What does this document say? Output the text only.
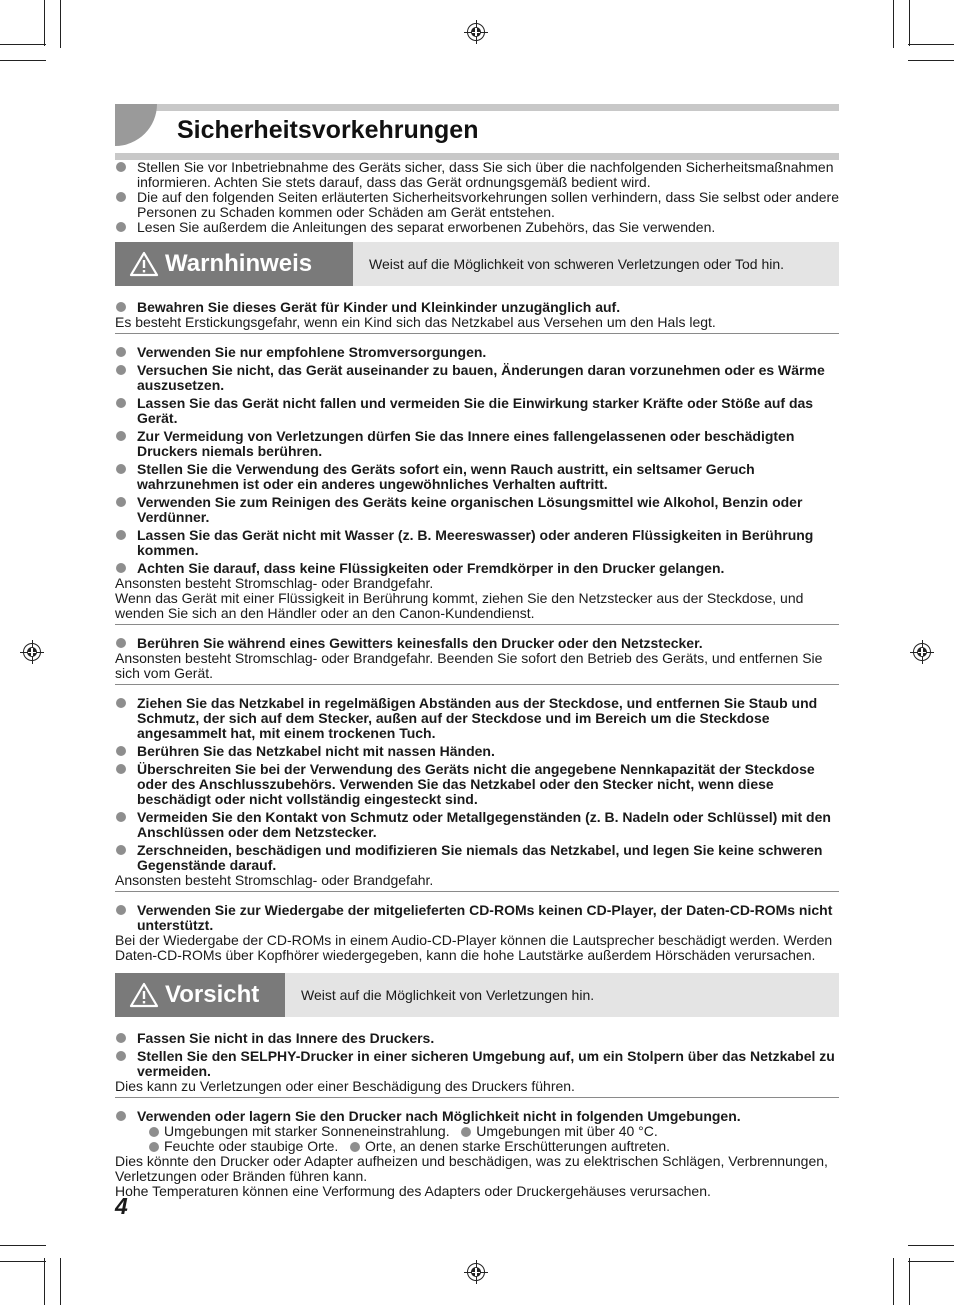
Sicherheitsvorkehrungen
Stellen Sie vor Inbetriebnahme des Geräts sicher, dass Sie sich über die nachfolgenden Sicherheitsmaßnahmen informieren. Achten Sie stets darauf, dass das Gerät ordnungsgemäß bedient wird.
Die auf den folgenden Seiten erläuterten Sicherheitsvorkehrungen sollen verhindern, dass Sie selbst oder andere Personen zu Schaden kommen oder Schäden am Gerät entstehen.
Lesen Sie außerdem die Anleitungen des separat erworbenen Zubehörs, das Sie verwenden.
Warnhinweis	Weist auf die Möglichkeit von schweren Verletzungen oder Tod hin.
Bewahren Sie dieses Gerät für Kinder und Kleinkinder unzugänglich auf.

Es besteht Erstickungsgefahr, wenn ein Kind sich das Netzkabel aus Versehen um den Hals legt.

Verwenden Sie nur empfohlene Stromversorgungen.
Versuchen Sie nicht, das Gerät auseinander zu bauen, Änderungen daran vorzunehmen oder es Wärme auszusetzen.
Lassen Sie das Gerät nicht fallen und vermeiden Sie die Einwirkung starker Kräfte oder Stöße auf das Gerät.
Zur Vermeidung von Verletzungen dürfen Sie das Innere eines fallengelassenen oder beschädigten Druckers niemals berühren.
Stellen Sie die Verwendung des Geräts sofort ein, wenn Rauch austritt, ein seltsamer Geruch wahrzunehmen ist oder ein anderes ungewöhnliches Verhalten auftritt.
Verwenden Sie zum Reinigen des Geräts keine organischen Lösungsmittel wie Alkohol, Benzin oder Verdünner.
Lassen Sie das Gerät nicht mit Wasser (z. B. Meereswasser) oder anderen Flüssigkeiten in Berührung kommen.
Achten Sie darauf, dass keine Flüssigkeiten oder Fremdkörper in den Drucker gelangen.

Ansonsten besteht Stromschlag- oder Brandgefahr.

Wenn das Gerät mit einer Flüssigkeit in Berührung kommt, ziehen Sie den Netzstecker aus der Steckdose, und wenden Sie sich an den Händler oder an den Canon-Kundendienst.

Berühren Sie während eines Gewitters keinesfalls den Drucker oder den Netzstecker.

Ansonsten besteht Stromschlag- oder Brandgefahr. Beenden Sie sofort den Betrieb des Geräts, und entfernen Sie sich vom Gerät.

Ziehen Sie das Netzkabel in regelmäßigen Abständen aus der Steckdose, und entfernen Sie Staub und Schmutz, der sich auf dem Stecker, außen auf der Steckdose und im Bereich um die Steckdose angesammelt hat, mit einem trockenen Tuch.
Berühren Sie das Netzkabel nicht mit nassen Händen.
Überschreiten Sie bei der Verwendung des Geräts nicht die angegebene Nennkapazität der Steckdose oder des Anschlusszubehörs. Verwenden Sie das Netzkabel oder den Stecker nicht, wenn diese beschädigt oder nicht vollständig eingesteckt sind.
Vermeiden Sie den Kontakt von Schmutz oder Metallgegenständen (z. B. Nadeln oder Schlüssel) mit den Anschlüssen oder dem Netzstecker.
Zerschneiden, beschädigen und modifizieren Sie niemals das Netzkabel, und legen Sie keine schweren Gegenstände darauf.

Ansonsten besteht Stromschlag- oder Brandgefahr.

Verwenden Sie zur Wiedergabe der mitgelieferten CD-ROMs keinen CD-Player, der Daten-CD-ROMs nicht unterstützt.

Bei der Wiedergabe der CD-ROMs in einem Audio-CD-Player können die Lautsprecher beschädigt werden. Werden Daten-CD-ROMs über Kopfhörer wiedergegeben, kann die hohe Lautstärke außerdem Hörschäden verursachen.

Vorsicht	Weist auf die Möglichkeit von Verletzungen hin.
Fassen Sie nicht in das Innere des Druckers.
Stellen Sie den SELPHY-Drucker in einer sicheren Umgebung auf, um ein Stolpern über das Netzkabel zu vermeiden.

Dies kann zu Verletzungen oder einer Beschädigung des Druckers führen.

Verwenden oder lagern Sie den Drucker nach Möglichkeit nicht in folgenden Umgebungen.
Umgebungen mit starker Sonneneinstrahlung. Umgebungen mit über 40 °C.
Feuchte oder staubige Orte. Orte, an denen starke Erschütterungen auftreten.

Dies könnte den Drucker oder Adapter aufheizen und beschädigen, was zu elektrischen Schlägen, Verbrennungen, Verletzungen oder Bränden führen kann.

Hohe Temperaturen können eine Verformung des Adapters oder Druckergehäuses verursachen.

4
